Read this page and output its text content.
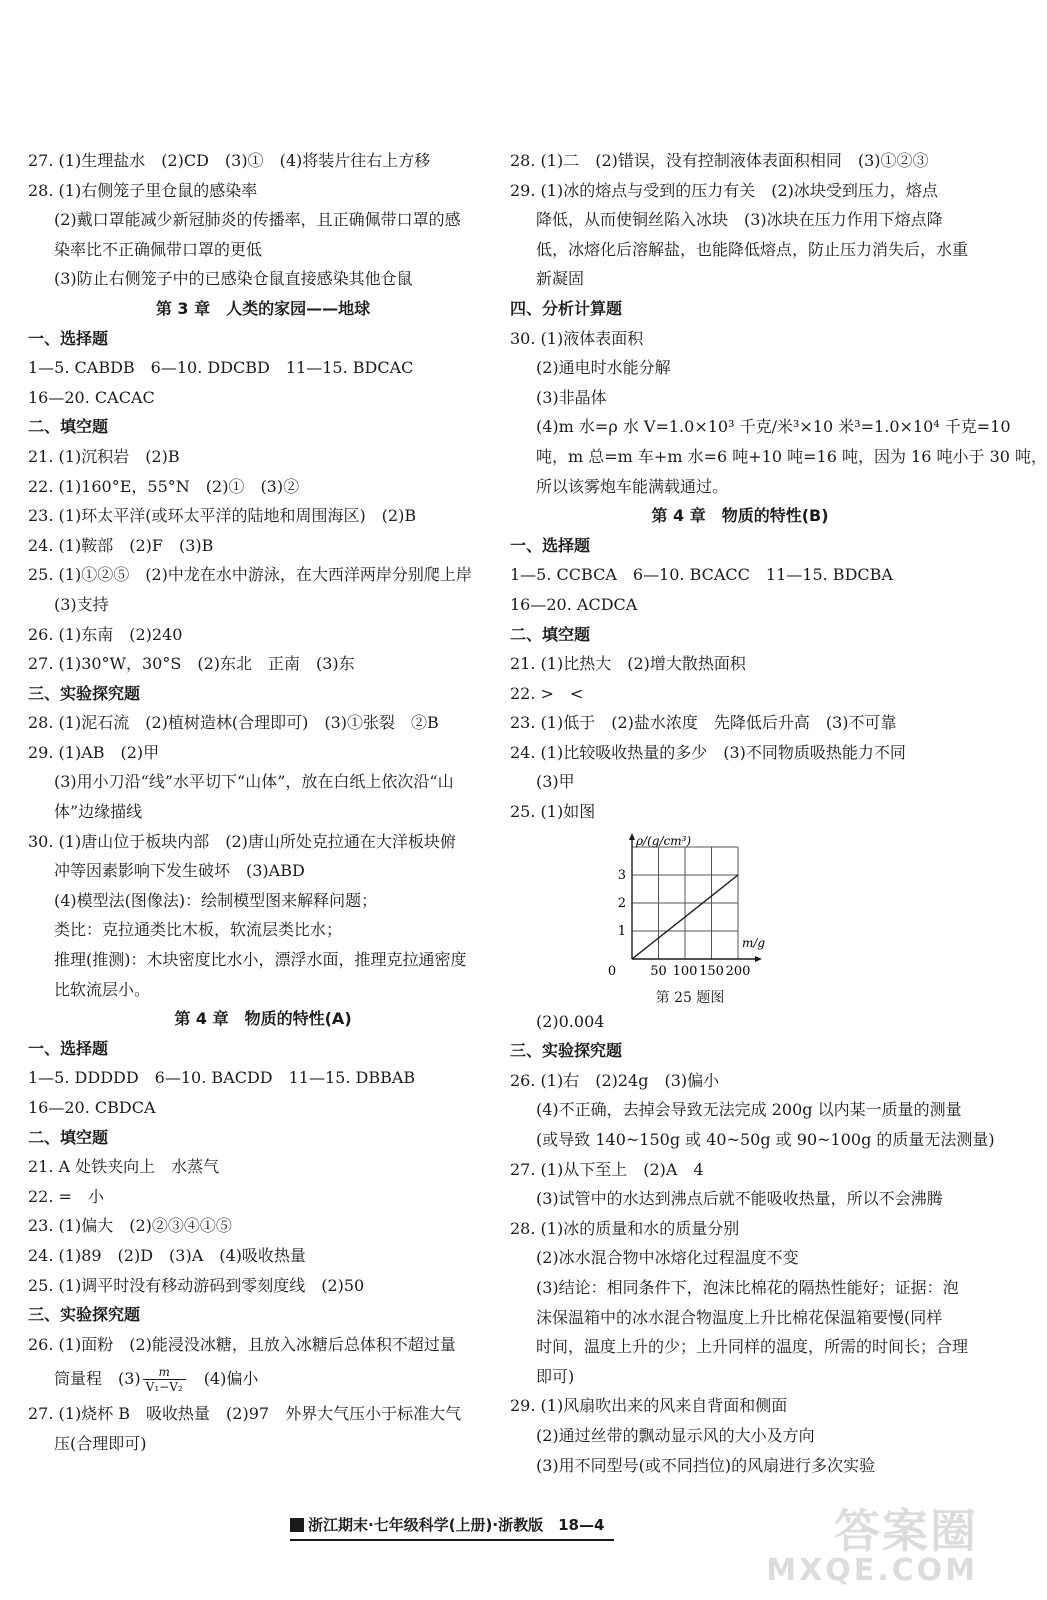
27. (1)生理盐水　(2)CD　(3)①　(4)将装片往右上方移
28. (1)右侧笼子里仓鼠的感染率
(2)戴口罩能减少新冠肺炎的传播率，且正确佩带口罩的感
染率比不正确佩带口罩的更低
(3)防止右侧笼子中的已感染仓鼠直接感染其他仓鼠
第 3 章　人类的家园——地球
一、选择题
1—5. CABDB　6—10. DDCBD　11—15. BDCAC
16—20. CACAC
二、填空题
21. (1)沉积岩　(2)B
22. (1)160°E，55°N　(2)①　(3)②
23. (1)环太平洋(或环太平洋的陆地和周围海区)　(2)B
24. (1)鞍部　(2)F　(3)B
25. (1)①②⑤　(2)中龙在水中游泳，在大西洋两岸分别爬上岸
(3)支持
26. (1)东南　(2)240
27. (1)30°W，30°S　(2)东北　正南　(3)东
三、实验探究题
28. (1)泥石流　(2)植树造林(合理即可)　(3)①张裂　②B
29. (1)AB　(2)甲
(3)用小刀沿“线”水平切下“山体”，放在白纸上依次沿“山
体”边缘描线
30. (1)唐山位于板块内部　(2)唐山所处克拉通在大洋板块俯
冲等因素影响下发生破坏　(3)ABD
(4)模型法(图像法)：绘制模型图来解释问题；
类比：克拉通类比木板，软流层类比水；
推理(推测)：木块密度比水小，漂浮水面，推理克拉通密度
比软流层小。
第 4 章　物质的特性(A)
一、选择题
1—5. DDDDD　6—10. BACDD　11—15. DBBAB
16—20. CBDCA
二、填空题
21. A 处铁夹向上　水蒸气
22. =　小
23. (1)偏大　(2)②③④①⑤
24. (1)89　(2)D　(3)A　(4)吸收热量
25. (1)调平时没有移动游码到零刻度线　(2)50
三、实验探究题
26. (1)面粉　(2)能浸没冰糖，且放入冰糖后总体积不超过量
筒量程　$(3) \frac{m}{\text{V₁−V₂}}$ 　(4)偏小
27. (1)烧杯 B　吸收热量　(2)97　外界大气压小于标准大气
压(合理即可)
28. (1)二　(2)错误，没有控制液体表面积相同　(3)①②③
29. (1)冰的熔点与受到的压力有关　(2)冰块受到压力，熔点
降低，从而使铜丝陷入冰块　(3)冰块在压力作用下熔点降
低，冰熔化后溶解盐，也能降低熔点，防止压力消失后，水重
新凝固
四、分析计算题
30. (1)液体表面积
(2)通电时水能分解
(3)非晶体
(4)m 水=ρ 水 V=1.0×10³ 千克/米³×10 米³=1.0×10⁴ 千克=10
吨，m 总=m 车+m 水=6 吨+10 吨=16 吨，因为 16 吨小于 30 吨，
所以该雾炮车能满载通过。
第 4 章　物质的特性(B)
一、选择题
1—5. CCBCA　6—10. BCACC　11—15. BDCBA
16—20. ACDCA
二、填空题
21. (1)比热大　(2)增大散热面积
22. >　<
23. (1)低于　(2)盐水浓度　先降低后升高　(3)不可靠
24. (1)比较吸收热量的多少　(3)不同物质吸热能力不同
(3)甲
25. (1)如图
0	50 100 150 200
1
2
3
ρ/(g/cm³)
m/g
第 25 题图
(2)0.004
三、实验探究题
26. (1)右　(2)24g　(3)偏小
(4)不正确，去掉会导致无法完成 200g 以内某一质量的测量
(或导致 140~150g 或 40~50g 或 90~100g 的质量无法测量)
27. (1)从下至上　(2)A　4
(3)试管中的水达到沸点后就不能吸收热量，所以不会沸腾
28. (1)冰的质量和水的质量分别
(2)冰水混合物中冰熔化过程温度不变
(3)结论：相同条件下，泡沫比棉花的隔热性能好；证据：泡
沫保温箱中的冰水混合物温度上升比棉花保温箱要慢(同样
时间，温度上升的少；上升同样的温度，所需的时间长；合理
即可)
29. (1)风扇吹出来的风来自背面和侧面
(2)通过丝带的飘动显示风的大小及方向
(3)用不同型号(或不同挡位)的风扇进行多次实验
浙江期末·七年级科学(上册)·浙教版　18—4	答案圈
MXQE.COM
